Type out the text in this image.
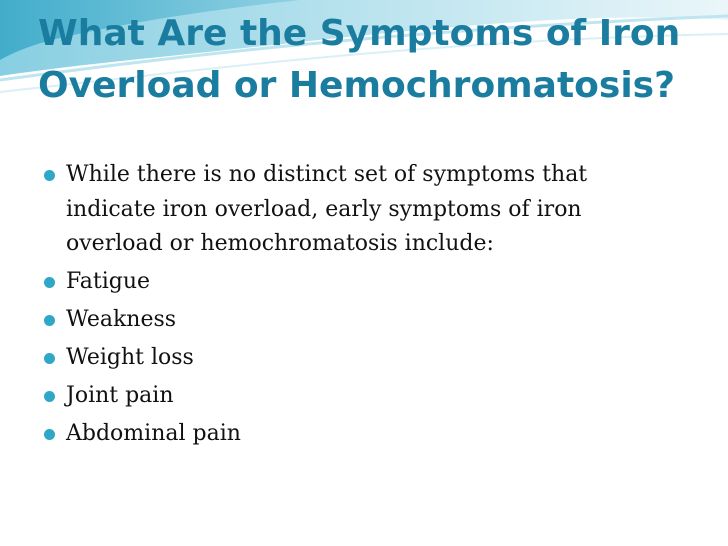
What Are the Symptoms of Iron
Overload or Hemochromatosis?
While there is no distinct set of symptoms that
indicate iron overload, early symptoms of iron
overload or hemochromatosis include:
Fatigue
Weakness
Weight loss
Joint pain
Abdominal pain
